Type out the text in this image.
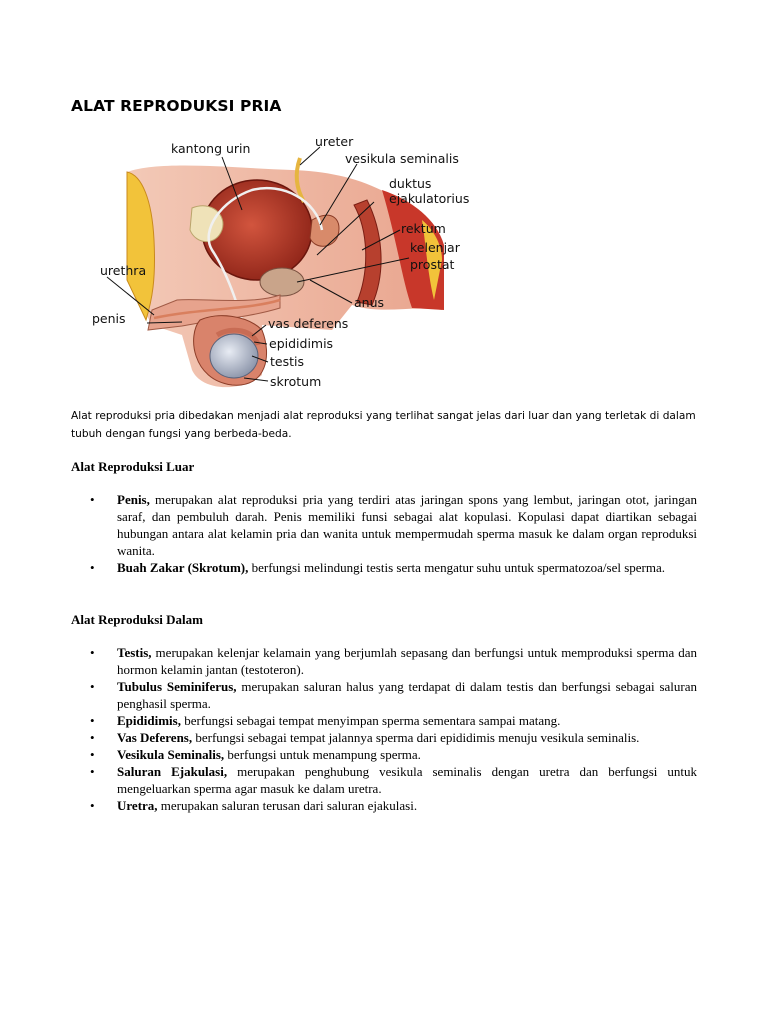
ALAT REPRODUKSI PRIA
kantong urin	ureter
vesikula seminalis
duktus
ejakulatorius
rektum
kelenjar
prostat
anus
urethra
penis	vas deferens
epididimis
testis
skrotum
Alat reproduksi pria dibedakan menjadi alat reproduksi yang terlihat sangat jelas dari luar dan yang terletak di dalam tubuh dengan fungsi yang berbeda-beda.
Alat Reproduksi Luar
• Penis, merupakan alat reproduksi pria yang terdiri atas jaringan spons yang lembut, jaringan otot, jaringan saraf, dan pembuluh darah. Penis memiliki funsi sebagai alat kopulasi. Kopulasi dapat diartikan sebagai hubungan antara alat kelamin pria dan wanita untuk mempermudah sperma masuk ke dalam organ reproduksi wanita.
• Buah Zakar (Skrotum), berfungsi melindungi testis serta mengatur suhu untuk spermatozoa/sel sperma.
Alat Reproduksi Dalam
• Testis, merupakan kelenjar kelamain yang berjumlah sepasang dan berfungsi untuk memproduksi sperma dan hormon kelamin jantan (testoteron).
• Tubulus Seminiferus, merupakan saluran halus yang terdapat di dalam testis dan berfungsi sebagai saluran penghasil sperma.
• Epididimis, berfungsi sebagai tempat menyimpan sperma sementara sampai matang.
• Vas Deferens, berfungsi sebagai tempat jalannya sperma dari epididimis menuju vesikula seminalis.
• Vesikula Seminalis, berfungsi untuk menampung sperma.
• Saluran Ejakulasi, merupakan penghubung vesikula seminalis dengan uretra dan berfungsi untuk mengeluarkan sperma agar masuk ke dalam uretra.
• Uretra, merupakan saluran terusan dari saluran ejakulasi.
